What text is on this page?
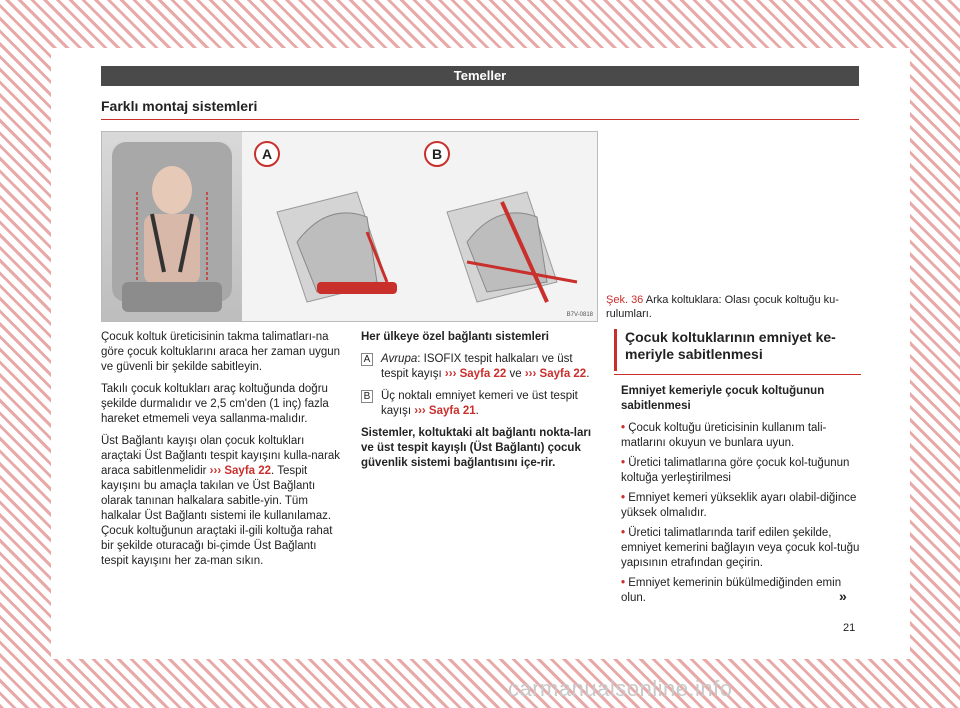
Temeller
Farklı montaj sistemleri
A	B
B7V-0818
Şek. 36 Arka koltuklara: Olası çocuk koltuğu ku-rulumları.

Çocuk koltuk üreticisinin takma talimatları-na göre çocuk koltuklarını araca her zaman uygun ve güvenli bir şekilde sabitleyin.

Takılı çocuk koltukları araç koltuğunda doğru şekilde durmalıdır ve 2,5 cm'den (1 inç) fazla hareket etmemeli veya sallanma-malıdır.

Üst Bağlantı kayışı olan çocuk koltukları araçtaki Üst Bağlantı tespit kayışını kulla-narak araca sabitlenmelidir ››› Sayfa 22. Tespit kayışını bu amaçla takılan ve Üst Bağlantı olarak tanınan halkalara sabitle-yin. Tüm halkalar Üst Bağlantı sistemi ile kullanılamaz. Çocuk koltuğunun araçtaki il-gili koltuğa rahat bir şekilde oturacağı bi-çimde Üst Bağlantı tespit kayışını her za-man sıkın.

Her ülkeye özel bağlantı sistemleri

A Avrupa: ISOFIX tespit halkaları ve üst tespit kayışı ››› Sayfa 22 ve ››› Sayfa 22.
B Üç noktalı emniyet kemeri ve üst tespit kayışı ››› Sayfa 21.

Sistemler, koltuktaki alt bağlantı nokta-ları ve üst tespit kayışlı (Üst Bağlantı) çocuk güvenlik sistemi bağlantısını içe-rir.

Çocuk koltuklarının emniyet ke-meriyle sabitlenmesi

Emniyet kemeriyle çocuk koltuğunun sabitlenmesi

• Çocuk koltuğu üreticisinin kullanım tali-matlarını okuyun ve bunlara uyun.
• Üretici talimatlarına göre çocuk kol-tuğunun koltuğa yerleştirilmesi
• Emniyet kemeri yükseklik ayarı olabil-diğince yüksek olmalıdır.
• Üretici talimatlarında tarif edilen şekilde, emniyet kemerini bağlayın veya çocuk kol-tuğu yapısının etrafından geçirin.
• Emniyet kemerinin bükülmediğinden emin olun.	»
21
carmanualsonline.info
